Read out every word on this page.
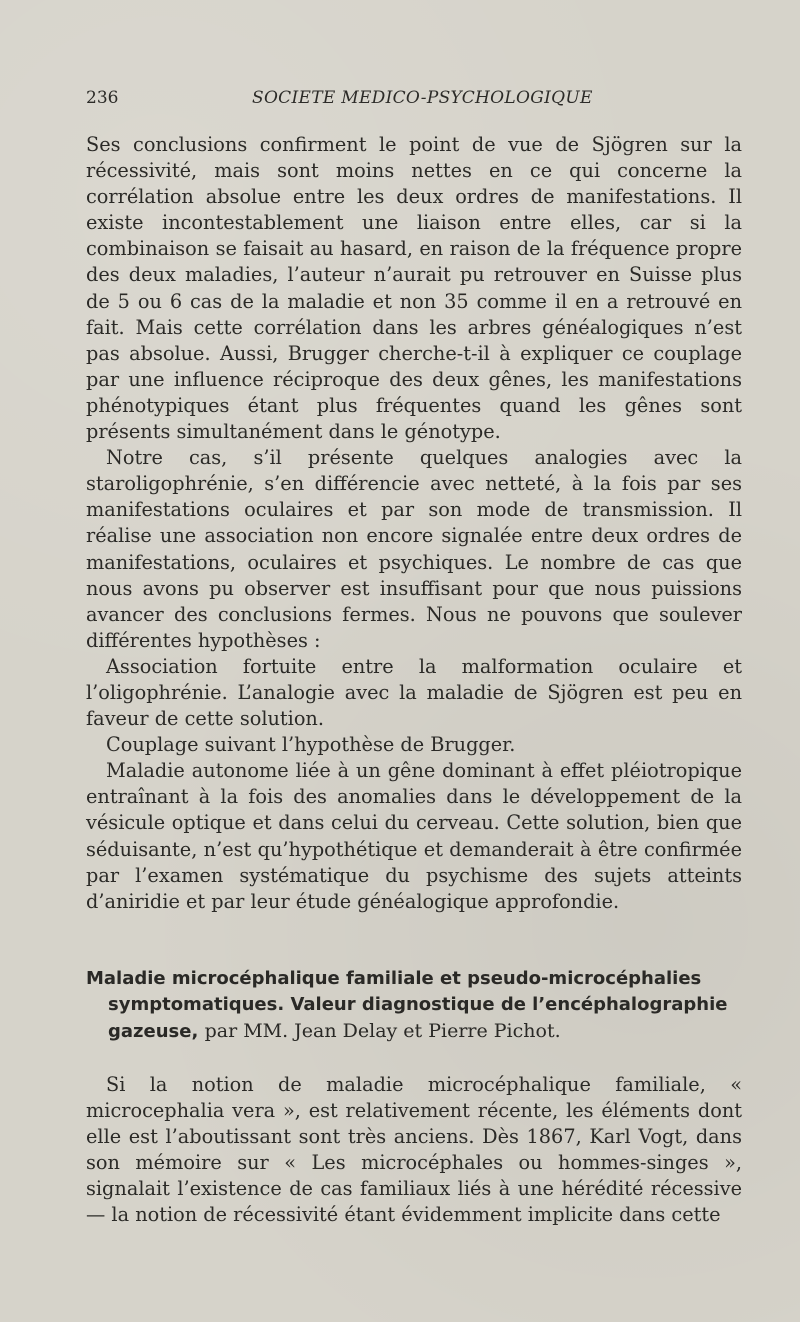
236	SOCIETE MEDICO-PSYCHOLOGIQUE

Ses conclusions confirment le point de vue de Sjögren sur la récessivité, mais sont moins nettes en ce qui concerne la corrélation absolue entre les deux ordres de manifestations. Il existe incontestablement une liaison entre elles, car si la combinaison se faisait au hasard, en raison de la fréquence propre des deux maladies, l’auteur n’aurait pu retrouver en Suisse plus de 5 ou 6 cas de la maladie et non 35 comme il en a retrouvé en fait. Mais cette corrélation dans les arbres généalogiques n’est pas absolue. Aussi, Brugger cherche-t-il à expliquer ce couplage par une influence réciproque des deux gênes, les manifestations phénotypiques étant plus fréquentes quand les gênes sont présents simultanément dans le génotype.

Notre cas, s’il présente quelques analogies avec la staroligophrénie, s’en différencie avec netteté, à la fois par ses manifestations oculaires et par son mode de transmission. Il réalise une association non encore signalée entre deux ordres de manifestations, oculaires et psychiques. Le nombre de cas que nous avons pu observer est insuffisant pour que nous puissions avancer des conclusions fermes. Nous ne pouvons que soulever différentes hypothèses :

Association fortuite entre la malformation oculaire et l’oligophrénie. L’analogie avec la maladie de Sjögren est peu en faveur de cette solution.

Couplage suivant l’hypothèse de Brugger.

Maladie autonome liée à un gêne dominant à effet pléiotropique entraînant à la fois des anomalies dans le développement de la vésicule optique et dans celui du cerveau. Cette solution, bien que séduisante, n’est qu’hypothétique et demanderait à être confirmée par l’examen systématique du psychisme des sujets atteints d’aniridie et par leur étude généalogique approfondie.

Maladie microcéphalique familiale et pseudo-microcéphalies
symptomatiques. Valeur diagnostique de l’encéphalographie
gazeuse, par MM. Jean Delay et Pierre Pichot.

Si la notion de maladie microcéphalique familiale, « microcephalia vera », est relativement récente, les éléments dont elle est l’aboutissant sont très anciens. Dès 1867, Karl Vogt, dans son mémoire sur « Les microcéphales ou hommes-singes », signalait l’existence de cas familiaux liés à une hérédité récessive — la notion de récessivité étant évidemment implicite dans cette
